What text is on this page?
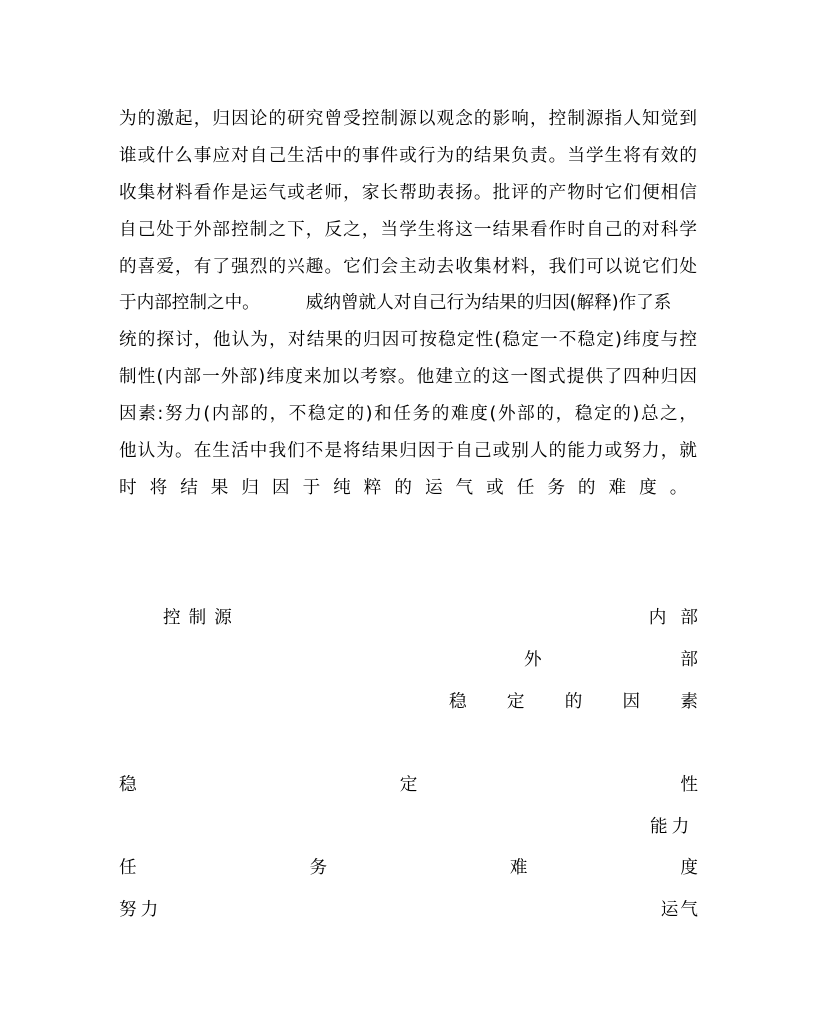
为的激起，归因论的研究曾受控制源以观念的影响，控制源指人知觉到
谁或什么事应对自己生活中的事件或行为的结果负责。当学生将有效的
收集材料看作是运气或老师，家长帮助表扬。批评的产物时它们便相信
自己处于外部控制之下，反之，当学生将这一结果看作时自己的对科学
的喜爱，有了强烈的兴趣。它们会主动去收集材料，我们可以说它们处
于内部控制之中。	威纳曾就人对自己行为结果的归因(解释)作了系
统的探讨，他认为，对结果的归因可按稳定性(稳定一不稳定)纬度与控
制性(内部一外部)纬度来加以考察。他建立的这一图式提供了四种归因
因素:努力(内部的，不稳定的)和任务的难度(外部的，稳定的)总之，
他认为。在生活中我们不是将结果归因于自己或别人的能力或努力，就
时将结果归因于纯粹的运气或任务的难度。
控制源	内部
外	部
稳 定 的 因 素
稳	定	性
能力
任	务	难	度
努力	运气
